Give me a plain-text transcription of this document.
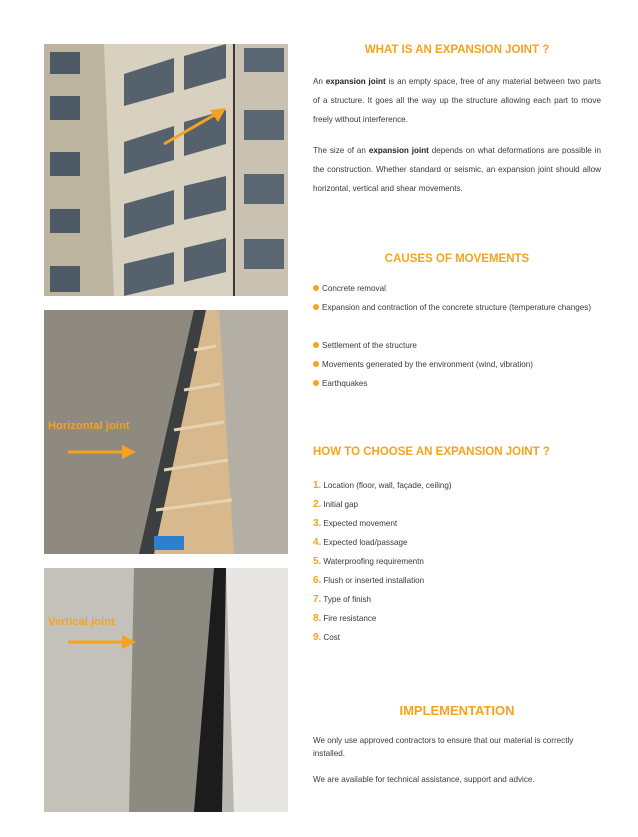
Horizontal joint
Vertical joint
WHAT IS AN EXPANSION JOINT ?
An expansion joint is an empty space, free of any material between two parts of a structure. It goes all the way up the structure allowing each part to move freely without interference.
The size of an expansion joint depends on what deformations are possible in the construction. Whether standard or seismic, an expansion joint should allow horizontal, vertical and shear movements.
CAUSES OF MOVEMENTS
Concrete removal
Expansion and contraction of the concrete structure (temperature changes)
Settlement of the structure
Movements generated by the environment (wind, vibration)
Earthquakes
HOW TO CHOOSE AN EXPANSION JOINT ?
1. Location (floor, wall, façade, ceiling)
2. Initial gap
3. Expected movement
4. Expected load/passage
5. Waterproofing requirementn
6. Flush or inserted installation
7. Type of finish
8. Fire resistance
9. Cost
IMPLEMENTATION
We only use approved contractors to ensure that our material is correctly installed.
We are available for technical assistance, support and advice.
